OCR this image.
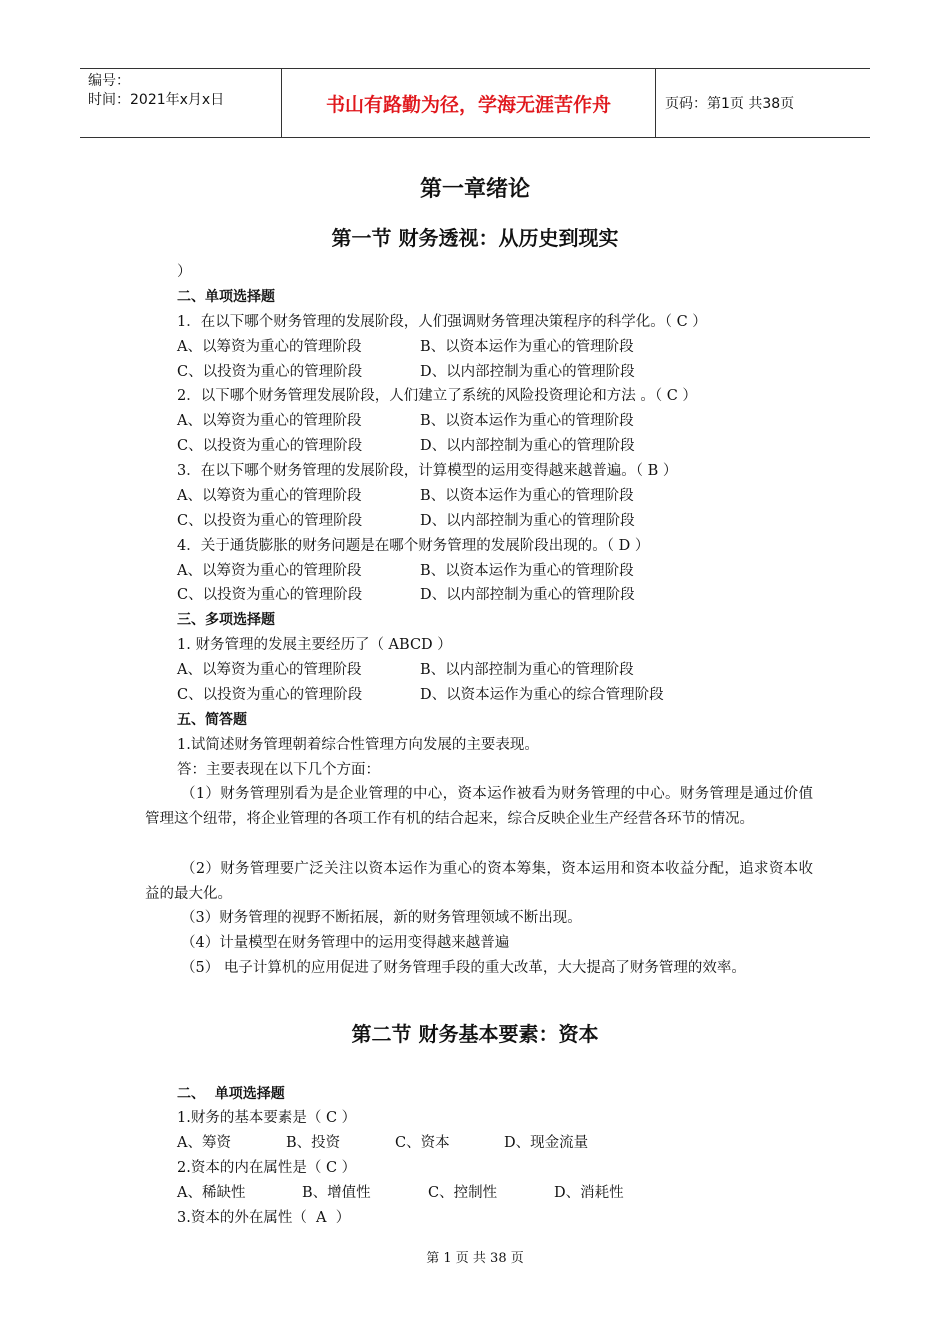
编号：
时间：2021年x月x日	书山有路勤为径，学海无涯苦作舟	页码：第1页 共38页
第一章绪论
第一节 财务透视：从历史到现实
）
二、单项选择题
1．在以下哪个财务管理的发展阶段，人们强调财务管理决策程序的科学化。（ C ）
A、以筹资为重心的管理阶段	B、以资本运作为重心的管理阶段
C、以投资为重心的管理阶段	D、以内部控制为重心的管理阶段
2．以下哪个财务管理发展阶段，人们建立了系统的风险投资理论和方法 。（ C ）
A、以筹资为重心的管理阶段	B、以资本运作为重心的管理阶段
C、以投资为重心的管理阶段	D、以内部控制为重心的管理阶段
3．在以下哪个财务管理的发展阶段，计算模型的运用变得越来越普遍。（ B ）
A、以筹资为重心的管理阶段	B、以资本运作为重心的管理阶段
C、以投资为重心的管理阶段	D、以内部控制为重心的管理阶段
4．关于通货膨胀的财务问题是在哪个财务管理的发展阶段出现的。（ D ）
A、以筹资为重心的管理阶段	B、以资本运作为重心的管理阶段
C、以投资为重心的管理阶段	D、以内部控制为重心的管理阶段
三、多项选择题
1. 财务管理的发展主要经历了（ ABCD ）
A、以筹资为重心的管理阶段	B、以内部控制为重心的管理阶段
C、以投资为重心的管理阶段	D、以资本运作为重心的综合管理阶段
五、简答题
1.试简述财务管理朝着综合性管理方向发展的主要表现。
答：主要表现在以下几个方面：
（1）财务管理别看为是企业管理的中心，资本运作被看为财务管理的中心。财务管理是通过价值管理这个纽带，将企业管理的各项工作有机的结合起来，综合反映企业生产经营各环节的情况。
（2）财务管理要广泛关注以资本运作为重心的资本筹集，资本运用和资本收益分配，追求资本收益的最大化。
（3）财务管理的视野不断拓展，新的财务管理领域不断出现。
（4）计量模型在财务管理中的运用变得越来越普遍
（5） 电子计算机的应用促进了财务管理手段的重大改革，大大提高了财务管理的效率。
第二节 财务基本要素：资本
二、  单项选择题
1.财务的基本要素是（ C ）
A、筹资	B、投资	C、资本	D、现金流量
2.资本的内在属性是（ C ）
A、稀缺性	B、增值性	C、控制性	D、消耗性
3.资本的外在属性（  A  ）
第 1 页 共 38 页
